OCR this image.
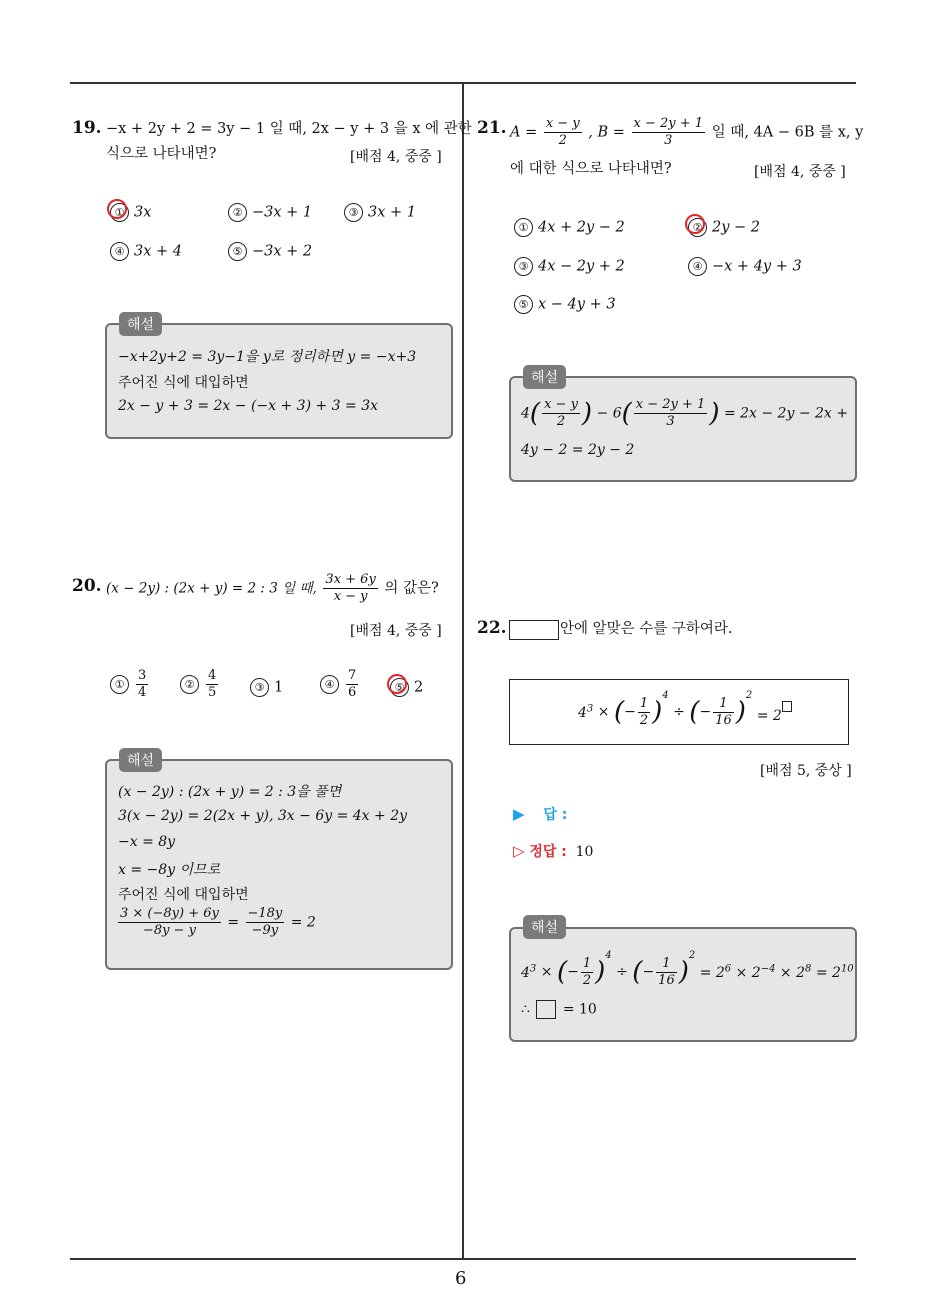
6
19. −x + 2y + 2 = 3y − 1 일 때, 2x − y + 3 을 x 에 관한
식으로 나타내면?	[배점 4, 중중 ]
① 3x	② −3x + 1	③ 3x + 1
④ 3x + 4	⑤ −3x + 2
해설
−x+2y+2 = 3y−1을 y로 정리하면 y = −x+3
주어진 식에 대입하면
2x − y + 3 = 2x − (−x + 3) + 3 = 3x
20. (x − 2y) : (2x + y) = 2 : 3 일 때, $\frac{3x + 6y}{x - y}$ 의 값은?
[배점 4, 중중 ]
① $\frac{3}{4}$	② $\frac{4}{5}$	③ 1	④ $\frac{7}{6}$	⑤ 2
해설
(x − 2y) : (2x + y) = 2 : 3을 풀면
3(x − 2y) = 2(2x + y), 3x − 6y = 4x + 2y
−x = 8y
x = −8y 이므로
주어진 식에 대입하면
$\frac{3 \times (-8y) + 6y}{-8y - y} = \frac{-18y}{-9y} = 2$
21. $A = \frac{x - y}{2}$ , $B = \frac{x - 2y + 1}{3}$ 일 때, 4A − 6B 를 x, y
에 대한 식으로 나타내면?	[배점 4, 중중 ]
① 4x + 2y − 2	② 2y − 2
③ 4x − 2y + 2	④ −x + 4y + 3
⑤ x − 4y + 3
해설
$4( \frac{x - y}{2}$ ) − $6( \frac{x - 2y + 1}{3}$ ) = 2x − 2y − 2x +
4y − 2 = 2y − 2
22.	안에 알맞은 수를 구하여라.
$4^3$ × (− $\frac{1}{2} )^4$ ÷ (− $\frac{1}{16} )^2 = 2$
[배점 5, 중상 ]
▶ 답 :
▷ 정답 : 10
해설
$4^3$ × (− $\frac{1}{2} )^4$ ÷ (− $\frac{1}{16} )^2 = 2^6 \times 2^{-4} \times 2^8 = 2^{10}$
∴ = 10
